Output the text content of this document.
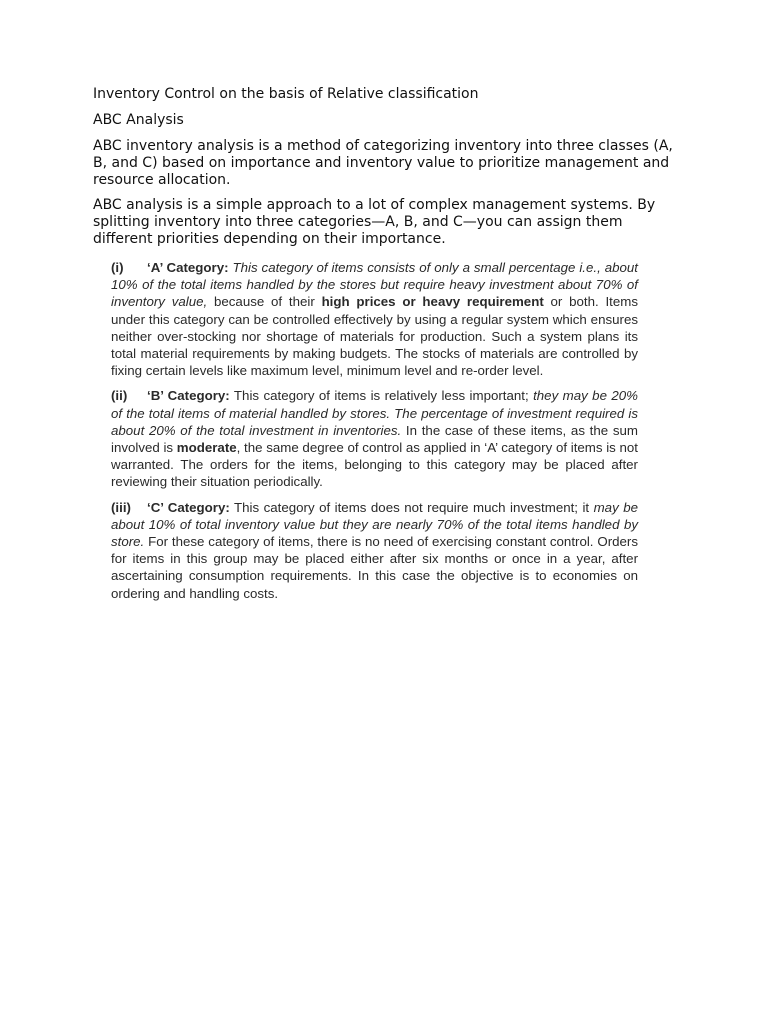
Inventory Control on the basis of Relative classification

ABC Analysis

ABC inventory analysis is a method of categorizing inventory into three classes (A, B, and C) based on importance and inventory value to prioritize management and resource allocation.

ABC analysis is a simple approach to a lot of complex management systems. By splitting inventory into three categories—A, B, and C—you can assign them different priorities depending on their importance.

(i) ‘A’ Category: This category of items consists of only a small percentage i.e., about 10% of the total items handled by the stores but require heavy investment about 70% of inventory value, because of their high prices or heavy requirement or both. Items under this category can be controlled effectively by using a regular system which ensures neither over-stocking nor shortage of materials for production. Such a system plans its total material requirements by making budgets. The stocks of materials are controlled by fixing certain levels like maximum level, minimum level and re-order level.

(ii) ‘B’ Category: This category of items is relatively less important; they may be 20% of the total items of material handled by stores. The percentage of investment required is about 20% of the total investment in inventories. In the case of these items, as the sum involved is moderate, the same degree of control as applied in ‘A’ category of items is not warranted. The orders for the items, belonging to this category may be placed after reviewing their situation periodically.

(iii) ‘C’ Category: This category of items does not require much investment; it may be about 10% of total inventory value but they are nearly 70% of the total items handled by store. For these category of items, there is no need of exercising constant control. Orders for items in this group may be placed either after six months or once in a year, after ascertaining consumption requirements. In this case the objective is to economies on ordering and handling costs.
